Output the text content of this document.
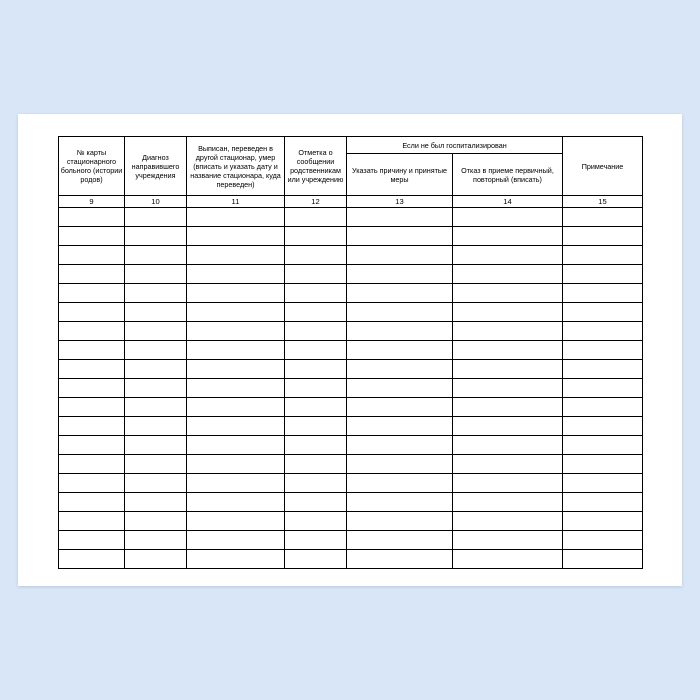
№ карты стационарного больного (истории родов)	Диагноз направившего учреждения	Выписан, переведен в другой стационар, умер (вписать и указать дату и название стационара, куда переведен)	Отметка о сообщении родственникам или учреждению	Если не был госпитализирован		Примечание
				Указать причину и принятые меры	Отказ в приеме первичный, повторный (вписать)	
9	10	11	12	13	14	15
